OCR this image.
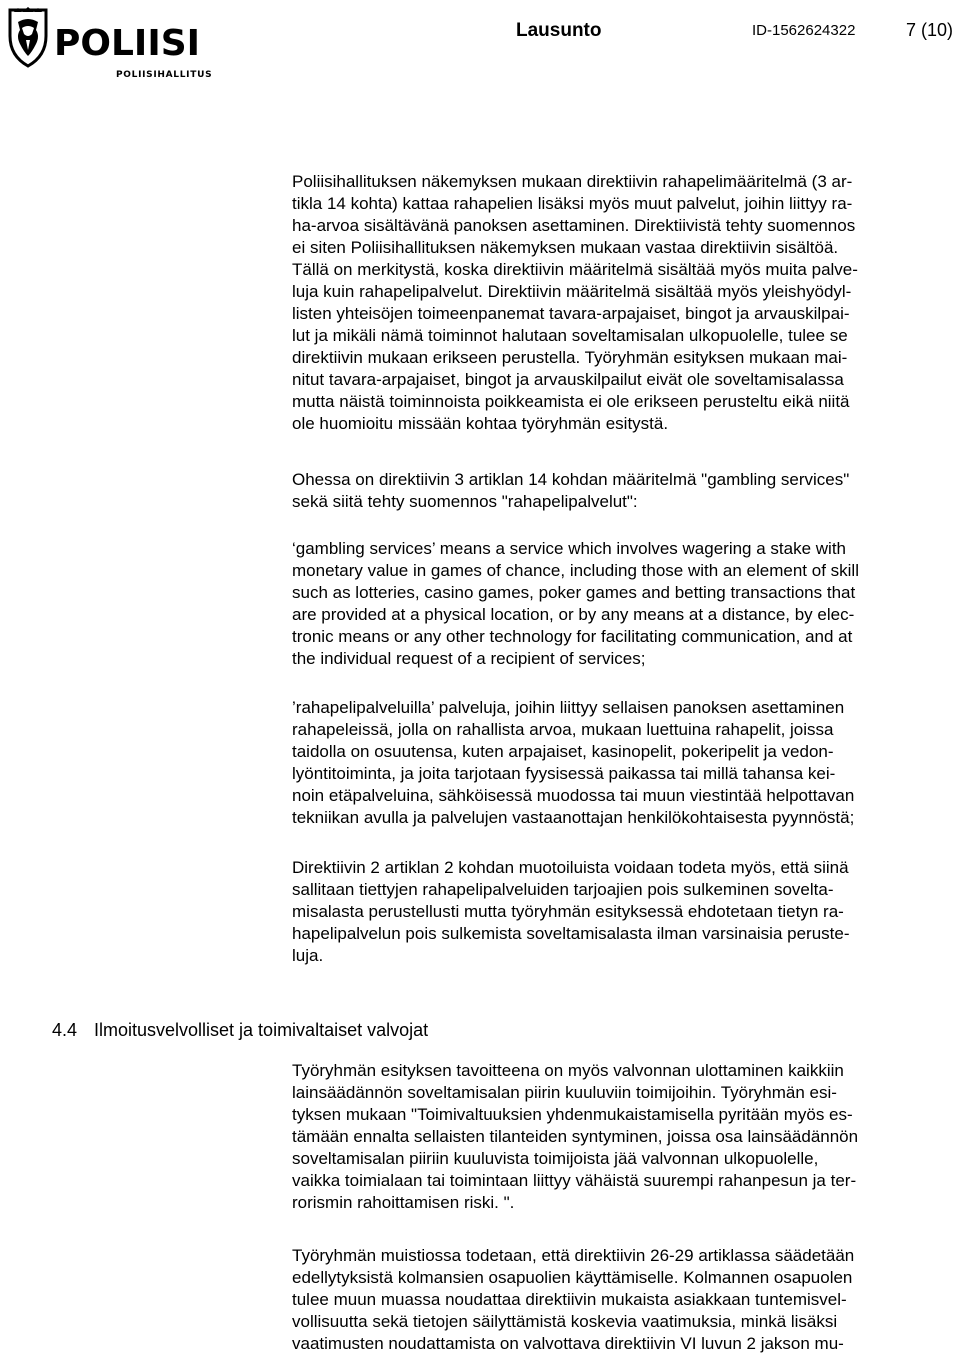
POLIISI
POLIISIHALLITUS
Lausunto	ID-1562624322	7 (10)

Poliisihallituksen näkemyksen mukaan direktiivin rahapelimääritelmä (3 ar-
tikla 14 kohta) kattaa rahapelien lisäksi myös muut palvelut, joihin liittyy ra-
ha-arvoa sisältävänä panoksen asettaminen. Direktiivistä tehty suomennos
ei siten Poliisihallituksen näkemyksen mukaan vastaa direktiivin sisältöä.
Tällä on merkitystä, koska direktiivin määritelmä sisältää myös muita palve-
luja kuin rahapelipalvelut. Direktiivin määritelmä sisältää myös yleishyödyl-
listen yhteisöjen toimeenpanemat tavara-arpajaiset, bingot ja arvauskilpai-
lut ja mikäli nämä toiminnot halutaan soveltamisalan ulkopuolelle, tulee se
direktiivin mukaan erikseen perustella. Työryhmän esityksen mukaan mai-
nitut tavara-arpajaiset, bingot ja arvauskilpailut eivät ole soveltamisalassa
mutta näistä toiminnoista poikkeamista ei ole erikseen perusteltu eikä niitä
ole huomioitu missään kohtaa työryhmän esitystä.

Ohessa on direktiivin 3 artiklan 14 kohdan määritelmä "gambling services"
sekä siitä tehty suomennos "rahapelipalvelut":

‘gambling services’ means a service which involves wagering a stake with
monetary value in games of chance, including those with an element of skill
such as lotteries, casino games, poker games and betting transactions that
are provided at a physical location, or by any means at a distance, by elec-
tronic means or any other technology for facilitating communication, and at
the individual request of a recipient of services;

’rahapelipalveluilla’ palveluja, joihin liittyy sellaisen panoksen asettaminen
rahapeleissä, jolla on rahallista arvoa, mukaan luettuina rahapelit, joissa
taidolla on osuutensa, kuten arpajaiset, kasinopelit, pokeripelit ja vedon-
lyöntitoiminta, ja joita tarjotaan fyysisessä paikassa tai millä tahansa kei-
noin etäpalveluina, sähköisessä muodossa tai muun viestintää helpottavan
tekniikan avulla ja palvelujen vastaanottajan henkilökohtaisesta pyynnöstä;

Direktiivin 2 artiklan 2 kohdan muotoiluista voidaan todeta myös, että siinä
sallitaan tiettyjen rahapelipalveluiden tarjoajien pois sulkeminen sovelta-
misalasta perustellusti mutta työryhmän esityksessä ehdotetaan tietyn ra-
hapelipalvelun pois sulkemista soveltamisalasta ilman varsinaisia peruste-
luja.

4.4 Ilmoitusvelvolliset ja toimivaltaiset valvojat

Työryhmän esityksen tavoitteena on myös valvonnan ulottaminen kaikkiin
lainsäädännön soveltamisalan piirin kuuluviin toimijoihin. Työryhmän esi-
tyksen mukaan "Toimivaltuuksien yhdenmukaistamisella pyritään myös es-
tämään ennalta sellaisten tilanteiden syntyminen, joissa osa lainsäädännön
soveltamisalan piiriin kuuluvista toimijoista jää valvonnan ulkopuolelle,
vaikka toimialaan tai toimintaan liittyy vähäistä suurempi rahanpesun ja ter-
rorismin rahoittamisen riski. ".

Työryhmän muistiossa todetaan, että direktiivin 26-29 artiklassa säädetään
edellytyksistä kolmansien osapuolien käyttämiselle. Kolmannen osapuolen
tulee muun muassa noudattaa direktiivin mukaista asiakkaan tuntemisvel-
vollisuutta sekä tietojen säilyttämistä koskevia vaatimuksia, minkä lisäksi
vaatimusten noudattamista on valvottava direktiivin VI luvun 2 jakson mu-
